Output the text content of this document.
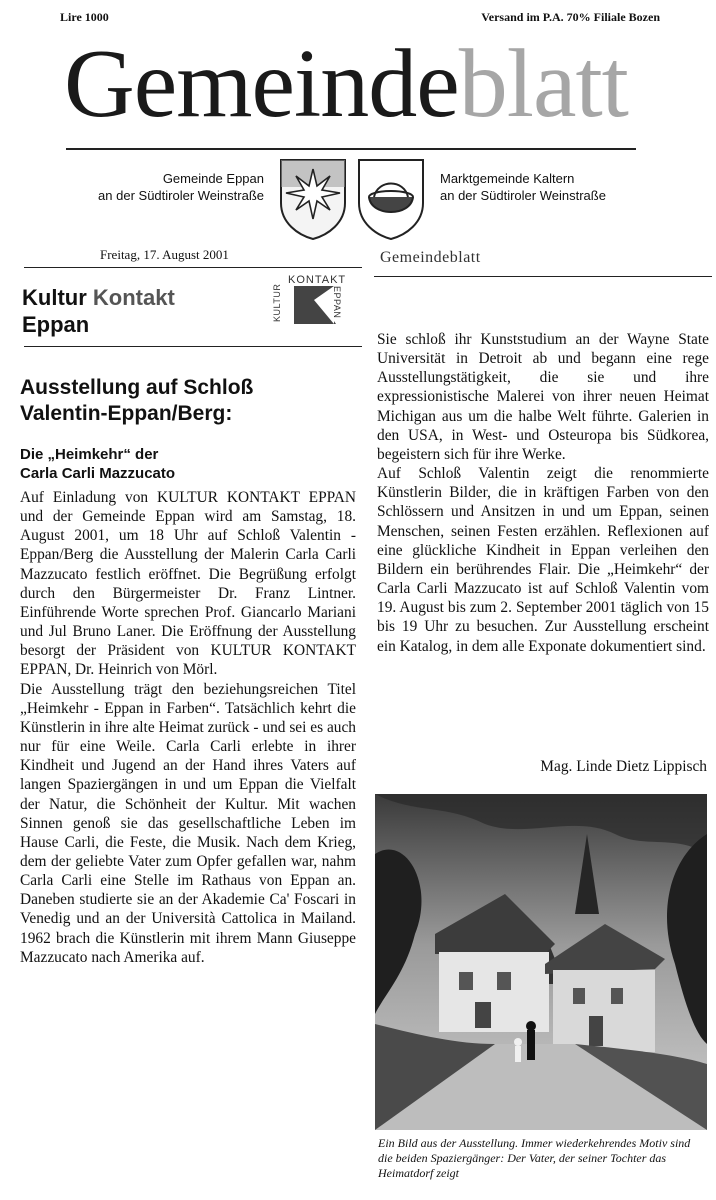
Lire 1000	Versand im P.A. 70% Filiale Bozen
Gemeindeblatt
Gemeinde Eppan
an der Südtiroler Weinstraße
Marktgemeinde Kaltern
an der Südtiroler Weinstraße
Freitag, 17. August 2001	Gemeindeblatt
Kultur Kontakt
Eppan
KONTAKT
KULTUR	EPPAN
Ausstellung auf Schloß
Valentin-Eppan/Berg:
Die „Heimkehr“ der
Carla Carli Mazzucato

Auf Einladung von KULTUR KONTAKT EPPAN und der Gemeinde Eppan wird am Samstag, 18. August 2001, um 18 Uhr auf Schloß Valentin - Eppan/Berg die Ausstellung der Malerin Carla Carli Mazzucato festlich eröffnet. Die Begrüßung erfolgt durch den Bürgermeister Dr. Franz Lintner. Einführende Worte sprechen Prof. Giancarlo Mariani und Jul Bruno Laner. Die Eröffnung der Ausstellung besorgt der Präsident von KULTUR KONTAKT EPPAN, Dr. Heinrich von Mörl.

Die Ausstellung trägt den beziehungsreichen Titel „Heimkehr - Eppan in Farben“. Tatsächlich kehrt die Künstlerin in ihre alte Heimat zurück - und sei es auch nur für eine Weile. Carla Carli erlebte in ihrer Kindheit und Jugend an der Hand ihres Vaters auf langen Spaziergängen in und um Eppan die Vielfalt der Natur, die Schönheit der Kultur. Mit wachen Sinnen genoß sie das gesellschaftliche Leben im Hause Carli, die Feste, die Musik. Nach dem Krieg, dem der geliebte Vater zum Opfer gefallen war, nahm Carla Carli eine Stelle im Rathaus von Eppan an. Daneben studierte sie an der Akademie Ca' Foscari in Venedig und an der Università Cattolica in Mailand. 1962 brach die Künstlerin mit ihrem Mann Giuseppe Mazzucato nach Amerika auf.

Sie schloß ihr Kunststudium an der Wayne State Universität in Detroit ab und begann eine rege Ausstellungstätigkeit, die sie und ihre expressionistische Malerei von ihrer neuen Heimat Michigan aus um die halbe Welt führte. Galerien in den USA, in West- und Osteuropa bis Südkorea, begeistern sich für ihre Werke.

Auf Schloß Valentin zeigt die renommierte Künstlerin Bilder, die in kräftigen Farben von den Schlössern und Ansitzen in und um Eppan, seinen Menschen, seinen Festen erzählen. Reflexionen auf eine glückliche Kindheit in Eppan verleihen den Bildern ein berührendes Flair. Die „Heimkehr“ der Carla Carli Mazzucato ist auf Schloß Valentin vom 19. August bis zum 2. September 2001 täglich von 15 bis 19 Uhr zu besuchen. Zur Ausstellung erscheint ein Katalog, in dem alle Exponate dokumentiert sind.

Mag. Linde Dietz Lippisch
Ein Bild aus der Ausstellung. Immer wiederkehrendes Motiv sind die beiden Spaziergänger: Der Vater, der seiner Tochter das Heimatdorf zeigt
